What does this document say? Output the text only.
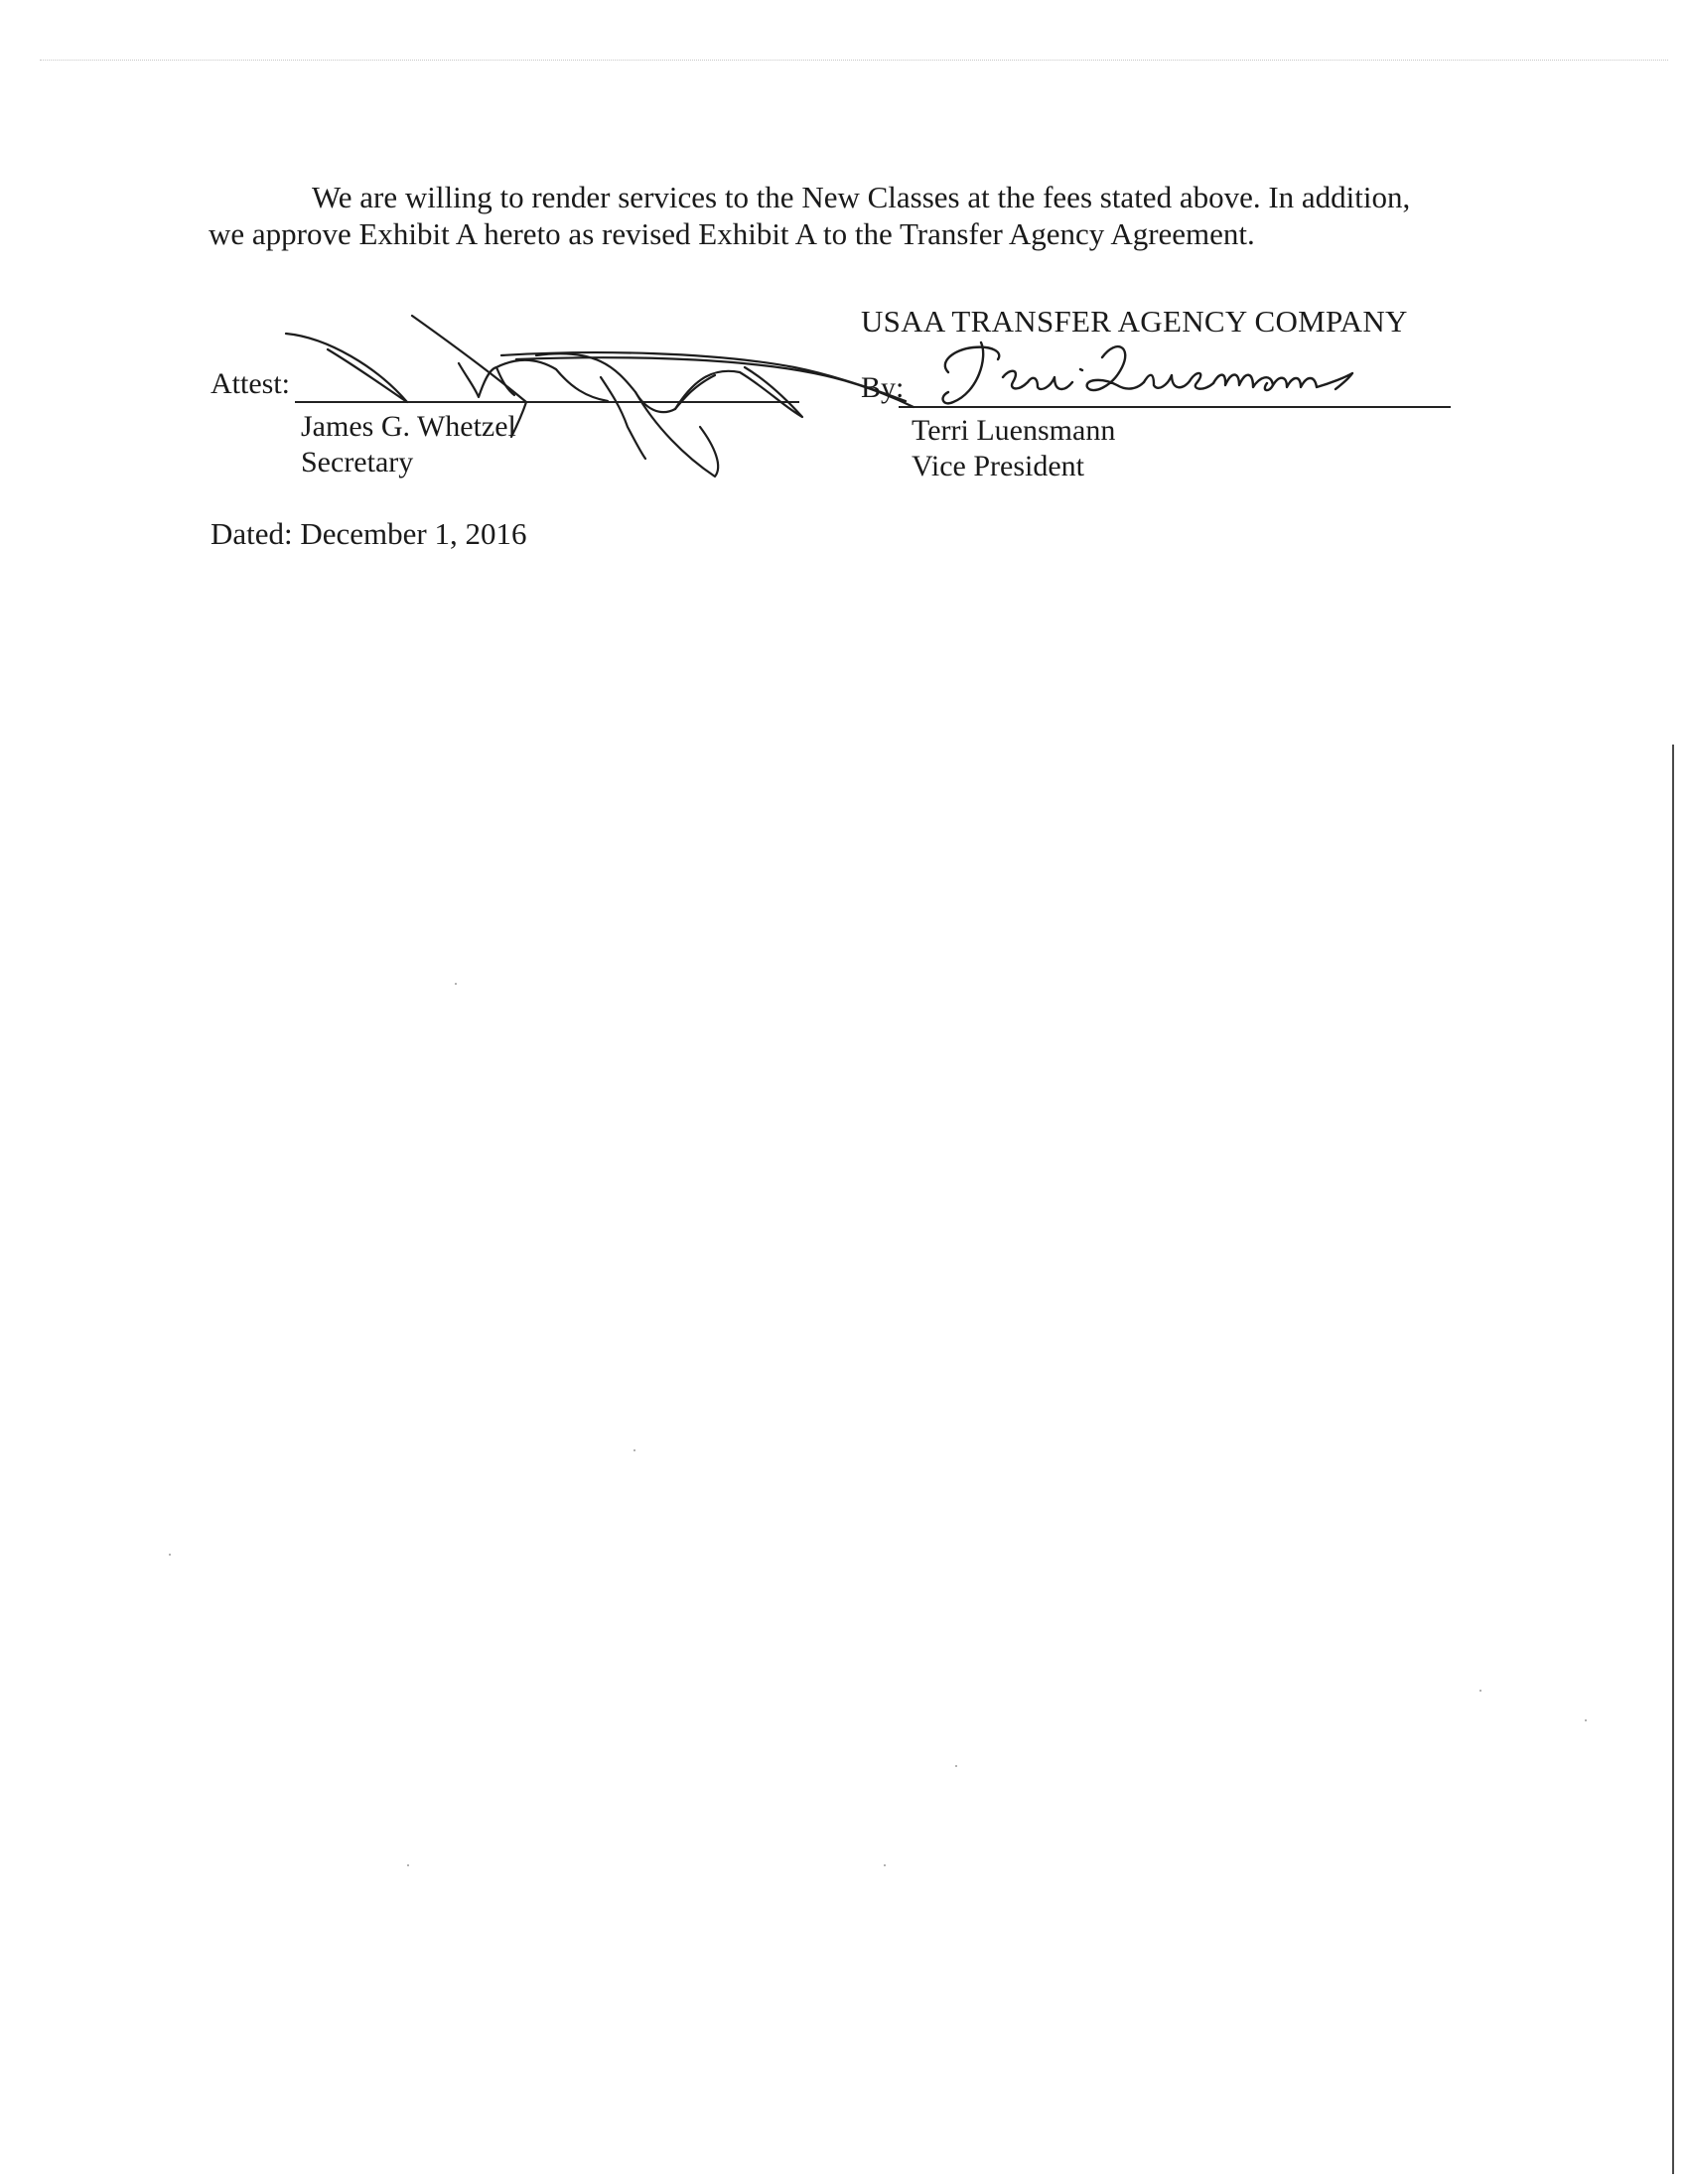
We are willing to render services to the New Classes at the fees stated above. In addition,
we approve Exhibit A hereto as revised Exhibit A to the Transfer Agency Agreement.

USAA TRANSFER AGENCY COMPANY
Attest:
James G. Whetzel
Secretary
By:
Terri Luensmann
Vice President
Dated: December 1, 2016
